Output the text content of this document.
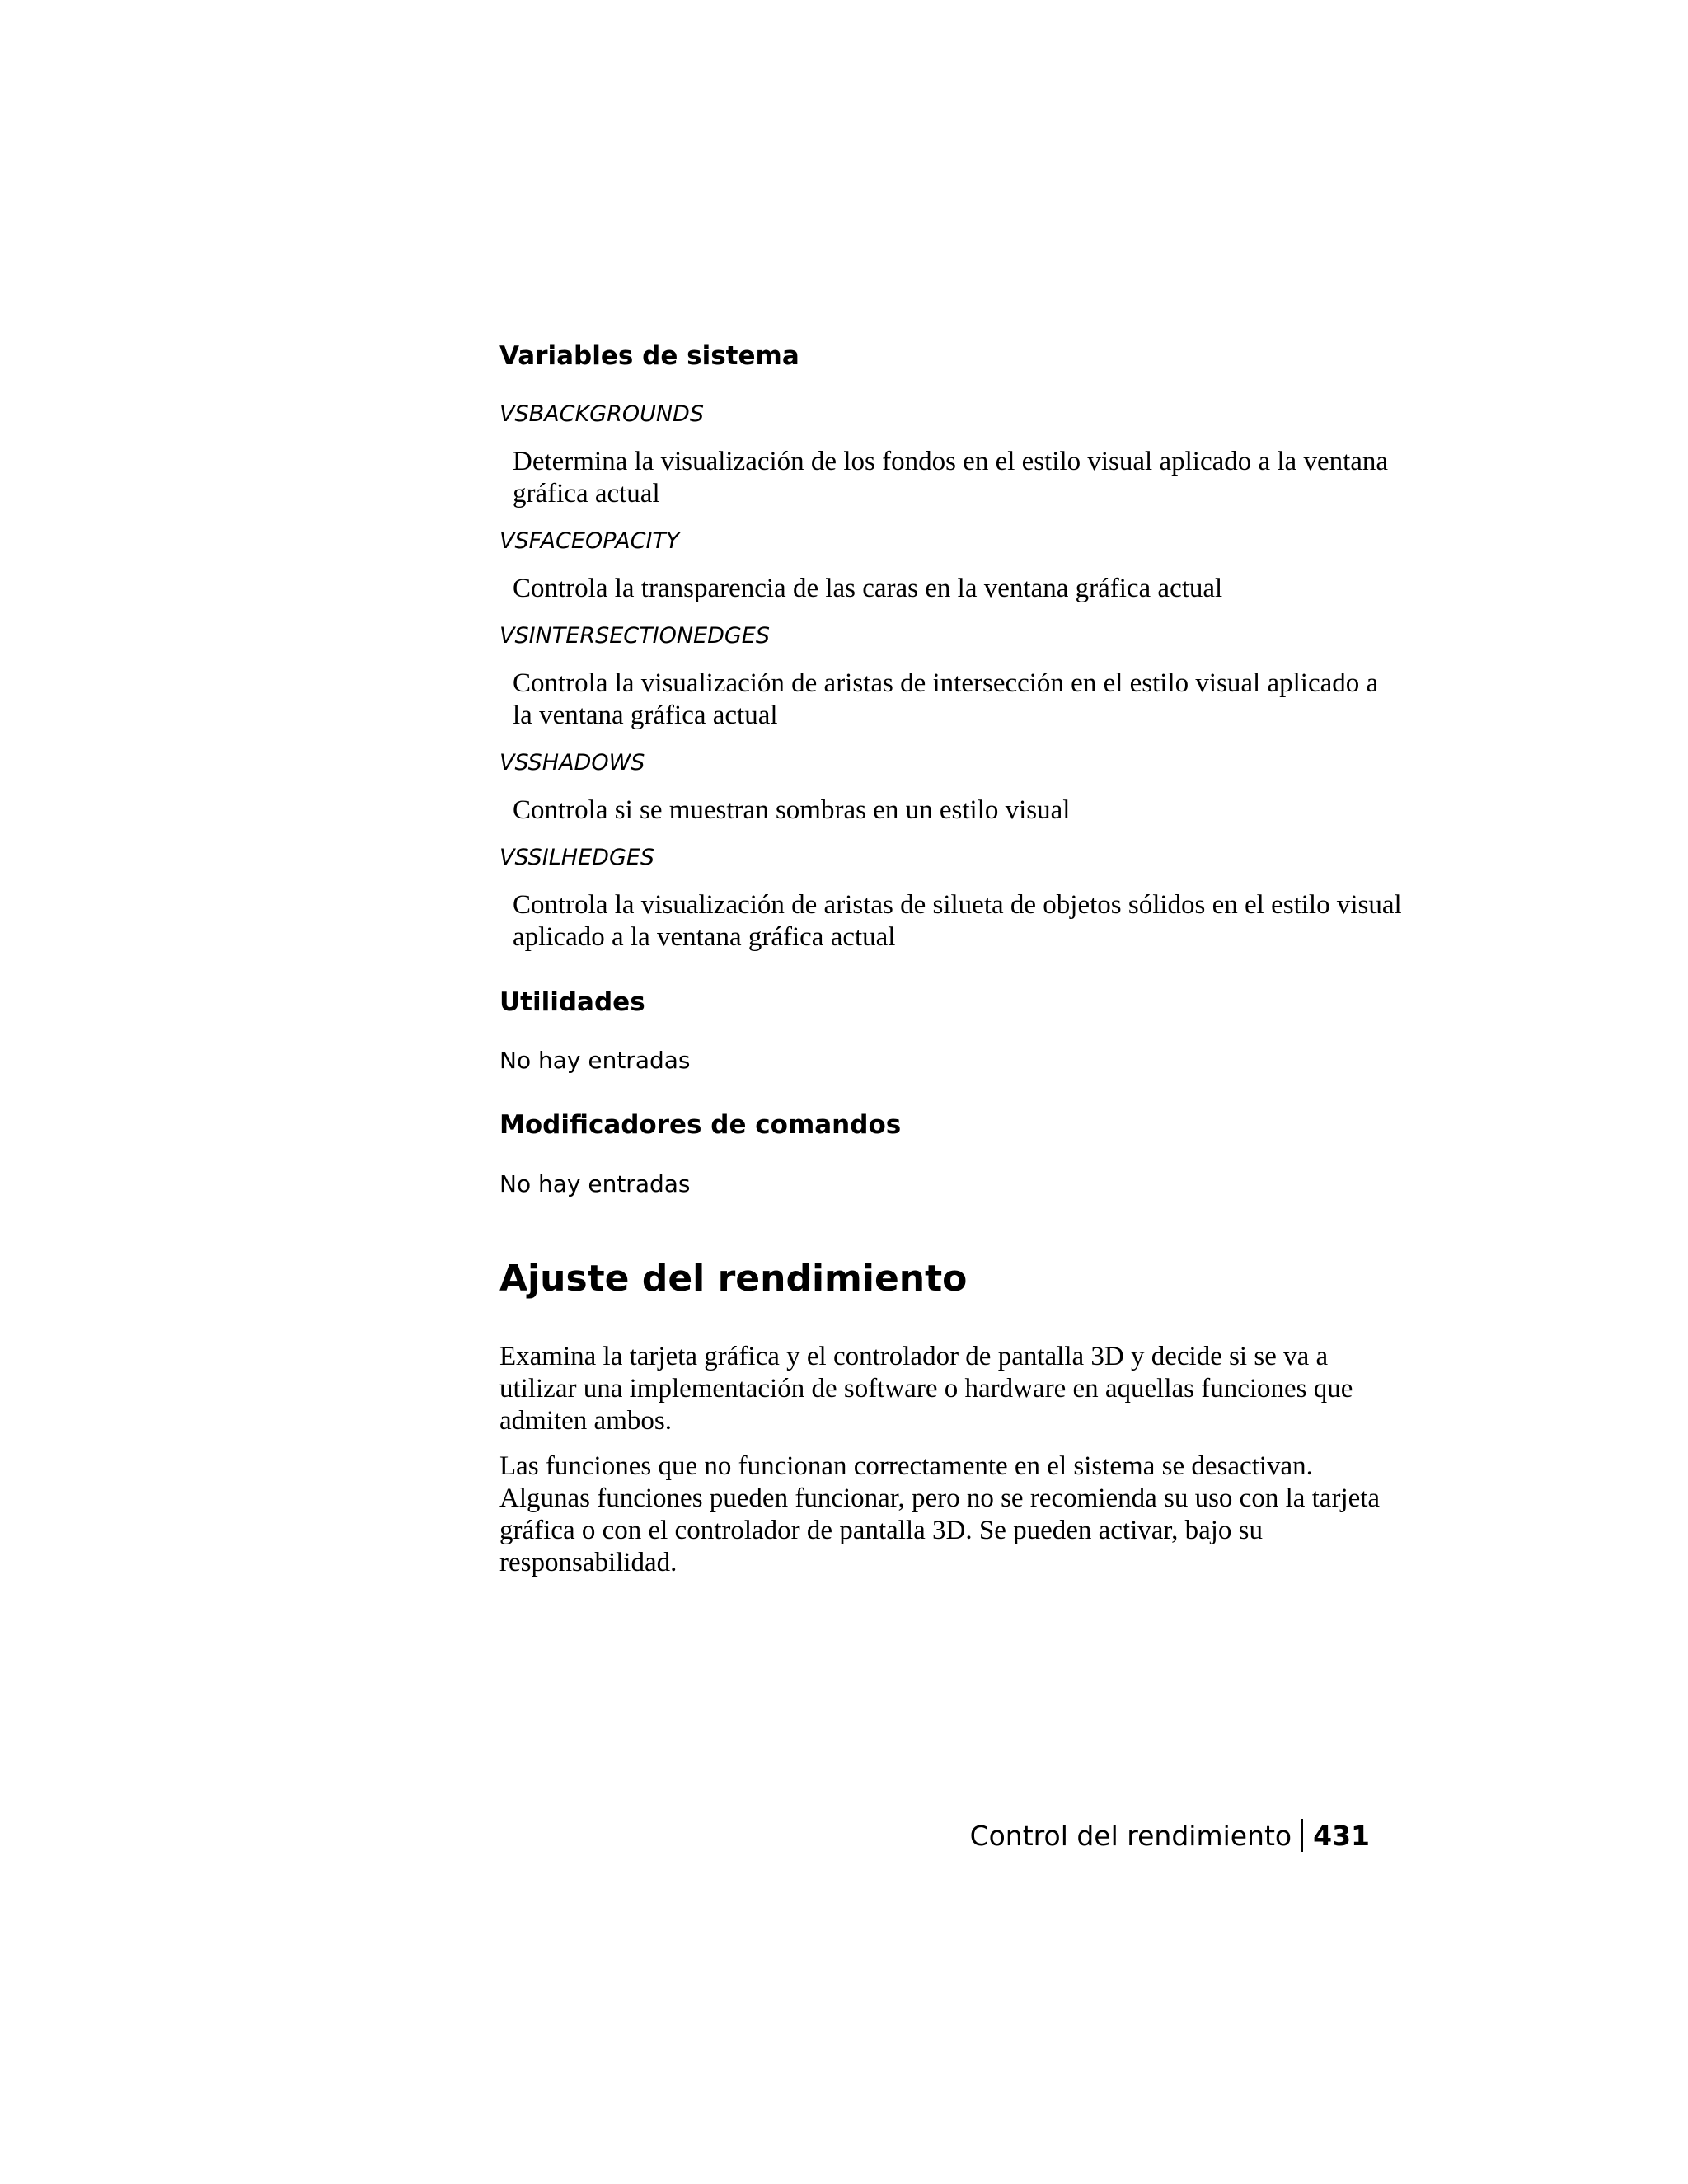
Variables de sistema
VSBACKGROUNDS
Determina la visualización de los fondos en el estilo visual aplicado a la ventana gráfica actual
VSFACEOPACITY
Controla la transparencia de las caras en la ventana gráfica actual
VSINTERSECTIONEDGES
Controla la visualización de aristas de intersección en el estilo visual aplicado a la ventana gráfica actual
VSSHADOWS
Controla si se muestran sombras en un estilo visual
VSSILHEDGES
Controla la visualización de aristas de silueta de objetos sólidos en el estilo visual aplicado a la ventana gráfica actual
Utilidades
No hay entradas
Modificadores de comandos
No hay entradas
Ajuste del rendimiento
Examina la tarjeta gráfica y el controlador de pantalla 3D y decide si se va a utilizar una implementación de software o hardware en aquellas funciones que admiten ambos.
Las funciones que no funcionan correctamente en el sistema se desactivan. Algunas funciones pueden funcionar, pero no se recomienda su uso con la tarjeta gráfica o con el controlador de pantalla 3D. Se pueden activar, bajo su responsabilidad.
Control del rendimiento 431
